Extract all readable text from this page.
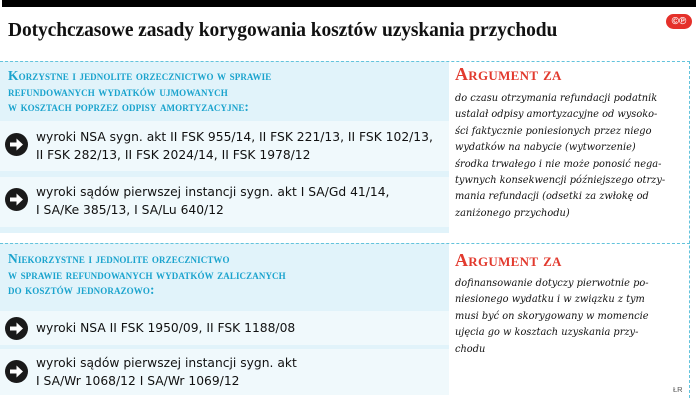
Dotychczasowe zasady korygowania kosztów uzyskania przychodu	©℗
Korzystne i jednolite orzecznictwo w sprawie
refundowanych wydatków ujmowanych
w kosztach poprzez odpisy amortyzacyjne:
wyroki NSA sygn. akt II FSK 955/14, II FSK 221/13, II FSK 102/13,
II FSK 282/13, II FSK 2024/14, II FSK 1978/12
wyroki sądów pierwszej instancji sygn. akt I SA/Gd 41/14,
I SA/Ke 385/13, I SA/Lu 640/12
Argument za
do czasu otrzymania refundacji podatnik
ustalał odpisy amortyzacyjne od wysoko-
ści faktycznie poniesionych przez niego
wydatków na nabycie (wytworzenie)
środka trwałego i nie może ponosić nega-
tywnych konsekwencji późniejszego otrzy-
mania refundacji (odsetki za zwłokę od
zaniżonego przychodu)
Niekorzystne i jednolite orzecznictwo
w sprawie refundowanych wydatków zaliczanych
do kosztów jednorazowo:
wyroki NSA II FSK 1950/09, II FSK 1188/08
wyroki sądów pierwszej instancji sygn. akt
I SA/Wr 1068/12 I SA/Wr 1069/12
Argument za
dofinansowanie dotyczy pierwotnie po-
niesionego wydatku i w związku z tym
musi być on skorygowany w momencie
ujęcia go w kosztach uzyskania przy-
chodu
ŁR
